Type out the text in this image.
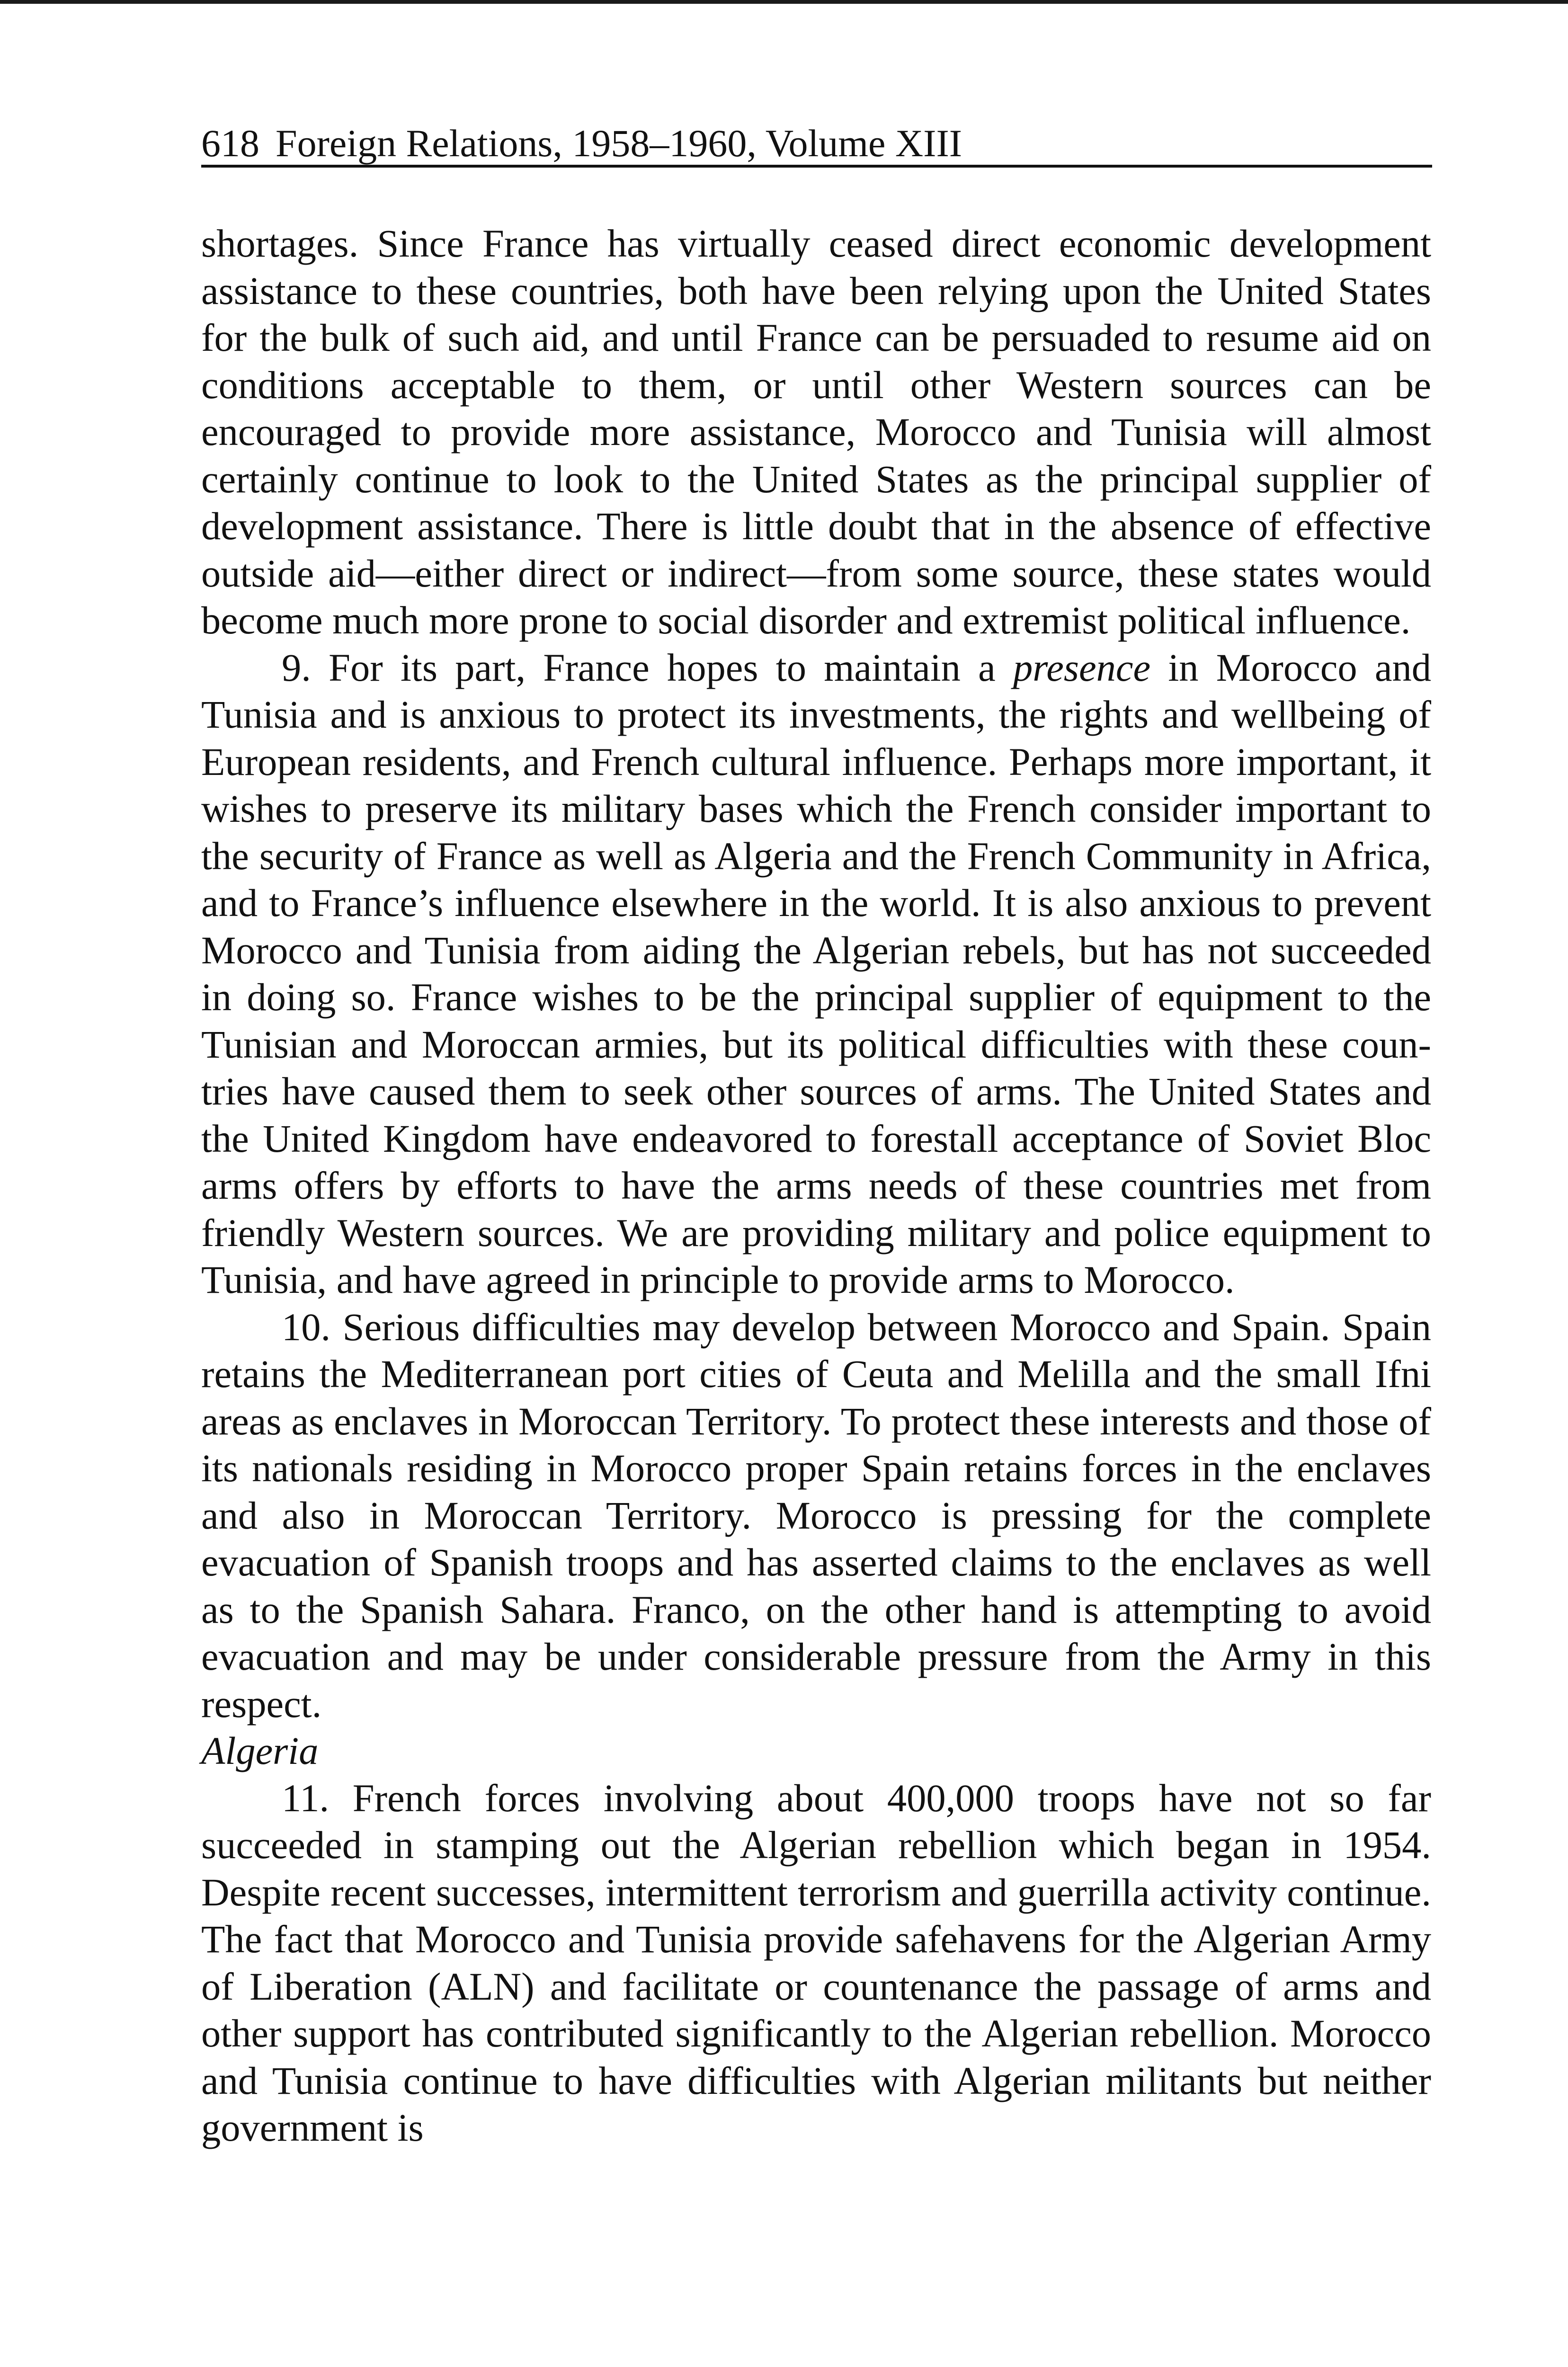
618 Foreign Relations, 1958–1960, Volume XIII

shortages. Since France has virtually ceased direct economic development assistance to these countries, both have been relying upon the United States for the bulk of such aid, and until France can be persuaded to resume aid on conditions acceptable to them, or until other Western sources can be encouraged to provide more assistance, Morocco and Tunisia will almost certainly continue to look to the United States as the principal supplier of development assistance. There is little doubt that in the absence of effective outside aid—either direct or indirect—from some source, these states would become much more prone to social disorder and extremist political influence.

9. For its part, France hopes to maintain a presence in Morocco and Tunisia and is anxious to protect its investments, the rights and wellbeing of European residents, and French cultural influence. Perhaps more important, it wishes to preserve its military bases which the French consider important to the security of France as well as Algeria and the French Community in Africa, and to France’s influence elsewhere in the world. It is also anxious to prevent Morocco and Tunisia from aiding the Algerian rebels, but has not succeeded in doing so. France wishes to be the principal supplier of equipment to the Tunisian and Moroccan armies, but its political difficulties with these countries have caused them to seek other sources of arms. The United States and the United Kingdom have endeavored to forestall acceptance of Soviet Bloc arms offers by efforts to have the arms needs of these countries met from friendly Western sources. We are providing military and police equipment to Tunisia, and have agreed in principle to provide arms to Morocco.

10. Serious difficulties may develop between Morocco and Spain. Spain retains the Mediterranean port cities of Ceuta and Melilla and the small Ifni areas as enclaves in Moroccan Territory. To protect these interests and those of its nationals residing in Morocco proper Spain retains forces in the enclaves and also in Moroccan Territory. Morocco is pressing for the complete evacuation of Spanish troops and has asserted claims to the enclaves as well as to the Spanish Sahara. Franco, on the other hand is attempting to avoid evacuation and may be under considerable pressure from the Army in this respect.

Algeria

11. French forces involving about 400,000 troops have not so far succeeded in stamping out the Algerian rebellion which began in 1954. Despite recent successes, intermittent terrorism and guerrilla activity continue. The fact that Morocco and Tunisia provide safehavens for the Algerian Army of Liberation (ALN) and facilitate or countenance the passage of arms and other support has contributed significantly to the Algerian rebellion. Morocco and Tunisia continue to have difficulties with Algerian militants but neither government is
